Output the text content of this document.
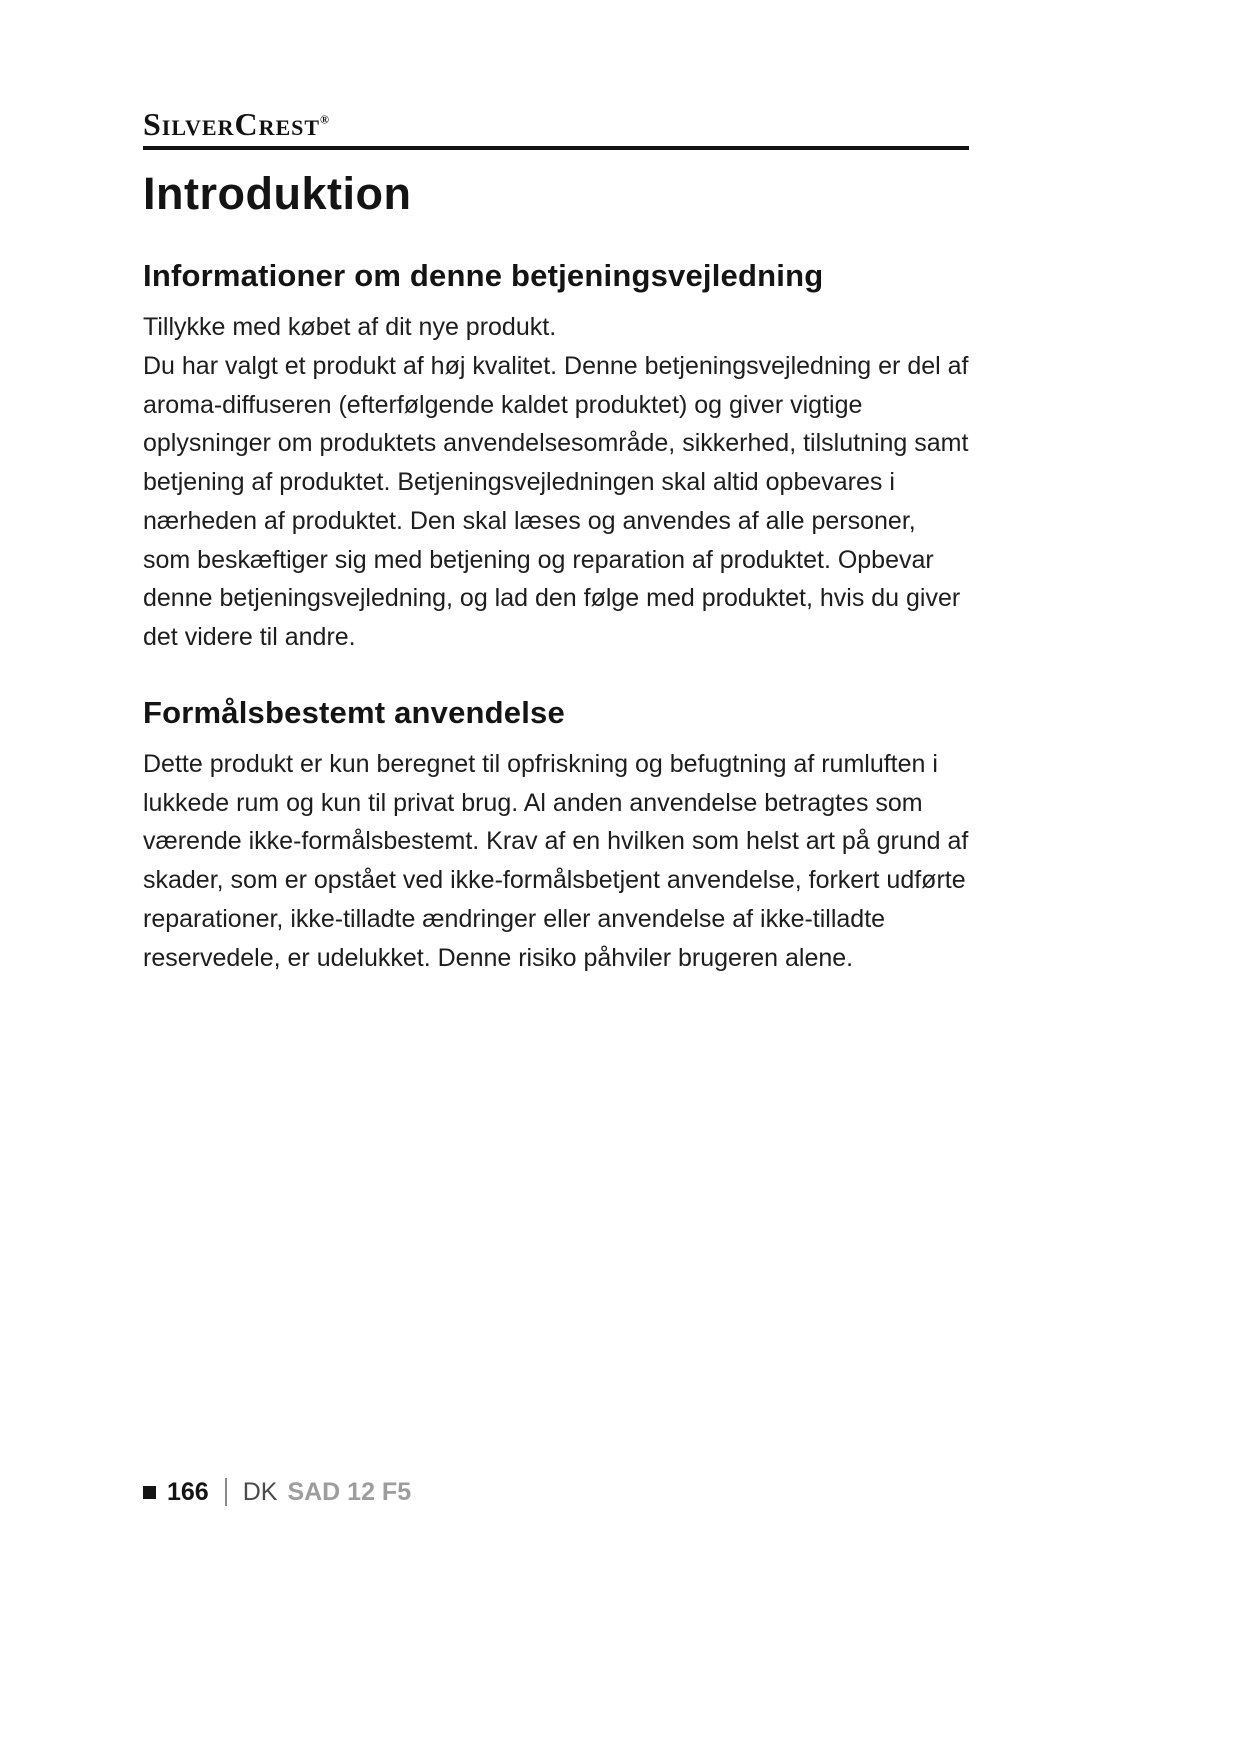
SilverCrest®
Introduktion
Informationer om denne betjeningsvejledning

Tillykke med købet af dit nye produkt.

Du har valgt et produkt af høj kvalitet. Denne betjeningsvejledning er del af aroma-diffuseren (efterfølgende kaldet produktet) og giver vigtige oplysninger om produktets anvendelsesområde, sikkerhed, tilslutning samt betjening af produktet. Betjeningsvejledningen skal altid opbevares i nærheden af produktet. Den skal læses og anvendes af alle personer, som beskæftiger sig med betjening og reparation af produktet. Opbevar denne betjeningsvejledning, og lad den følge med produktet, hvis du giver det videre til andre.

Formålsbestemt anvendelse

Dette produkt er kun beregnet til opfriskning og befugtning af rumluften i lukkede rum og kun til privat brug. Al anden anvendelse betragtes som værende ikke-formålsbestemt. Krav af en hvilken som helst art på grund af skader, som er opstået ved ikke-formålsbetjent anvendelse, forkert udførte reparationer, ikke-tilladte ændringer eller anvendelse af ikke-tilladte reservedele, er udelukket. Denne risiko påhviler brugeren alene.

166 DK SAD 12 F5
